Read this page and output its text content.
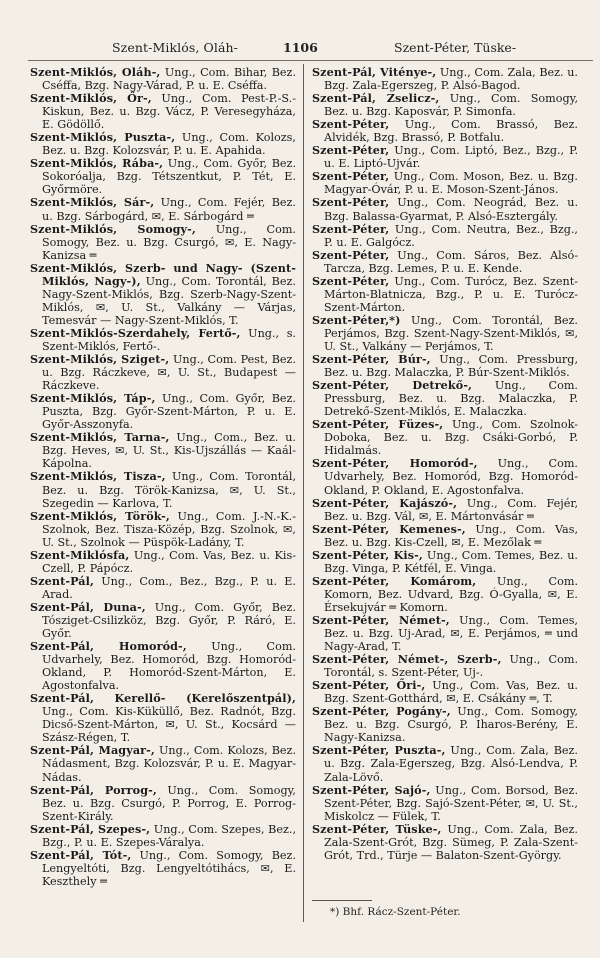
Szent-Miklós, Oláh-	1106	Szent-Péter, Tüske-

Szent-Miklós, Oláh-, Ung., Com. Bihar, Bez. Cséffa, Bzg. Nagy-Várad, P. u. E. Cséffa.

Szent-Miklós, Őr-, Ung., Com. Pest-P.-S.-Kiskun, Bez. u. Bzg. Vácz, P. Veresegyháza, E. Gödöllő.

Szent-Miklós, Puszta-, Ung., Com. Kolozs, Bez. u. Bzg. Kolozsvár, P. u. E. Apahida.

Szent-Miklós, Rába-, Ung., Com. Győr, Bez. Sokoróalja, Bzg. Tétszentkut, P. Tét, E. Győrmöre.

Szent-Miklós, Sár-, Ung., Com. Fejér, Bez. u. Bzg. Sárbogárd, ✉, E. Sárbogárd ═

Szent-Miklós, Somogy-, Ung., Com. Somogy, Bez. u. Bzg. Csurgó, ✉, E. Nagy-Kanizsa ═

Szent-Miklós, Szerb- und Nagy- (Szent-Miklós, Nagy-), Ung., Com. Torontál, Bez. Nagy-Szent-Miklós, Bzg. Szerb-Nagy-Szent-Miklós, ✉, U. St., Valkány — Várjas, Temesvár — Nagy-Szent-Miklós, T.

Szent-Miklós-Szerdahely, Fertő-, Ung., s. Szent-Miklós, Fertő-.

Szent-Miklós, Sziget-, Ung., Com. Pest, Bez. u. Bzg. Ráczkeve, ✉, U. St., Budapest — Ráczkeve.

Szent-Miklós, Táp-, Ung., Com. Győr, Bez. Puszta, Bzg. Győr-Szent-Márton, P. u. E. Győr-Asszonyfa.

Szent-Miklós, Tarna-, Ung., Com., Bez. u. Bzg. Heves, ✉, U. St., Kis-Ujszállás — Kaál-Kápolna.

Szent-Miklós, Tisza-, Ung., Com. Torontál, Bez. u. Bzg. Török-Kanizsa, ✉, U. St., Szegedin — Karlova, T.

Szent-Miklós, Török-, Ung., Com. J.-N.-K.-Szolnok, Bez. Tisza-Közép, Bzg. Szolnok, ✉, U. St., Szolnok — Püspök-Ladány, T.

Szent-Miklósfa, Ung., Com. Vas, Bez. u. Kis-Czell, P. Pápócz.

Szent-Pál, Ung., Com., Bez., Bzg., P. u. E. Arad.

Szent-Pál, Duna-, Ung., Com. Győr, Bez. Tósziget-Csilizköz, Bzg. Győr, P. Ráró, E. Győr.

Szent-Pál, Homoród-, Ung., Com. Udvarhely, Bez. Homoród, Bzg. Homoród-Okland, P. Homoród-Szent-Márton, E. Agostonfalva.

Szent-Pál, Kerellő- (Kerelőszentpál), Ung., Com. Kis-Küküllő, Bez. Radnót, Bzg. Dicső-Szent-Márton, ✉, U. St., Kocsárd — Szász-Régen, T.

Szent-Pál, Magyar-, Ung., Com. Kolozs, Bez. Nádasment, Bzg. Kolozsvár, P. u. E. Magyar-Nádas.

Szent-Pál, Porrog-, Ung., Com. Somogy, Bez. u. Bzg. Csurgó, P. Porrog, E. Porrog-Szent-Király.

Szent-Pál, Szepes-, Ung., Com. Szepes, Bez., Bzg., P. u. E. Szepes-Váralya.

Szent-Pál, Tót-, Ung., Com. Somogy, Bez. Lengyeltóti, Bzg. Lengyeltótihács, ✉, E. Keszthely ═

Szent-Pál, Viténye-, Ung., Com. Zala, Bez. u. Bzg. Zala-Egerszeg, P. Alsó-Bagod.

Szent-Pál, Zselicz-, Ung., Com. Somogy, Bez. u. Bzg. Kaposvár, P. Simonfa.

Szent-Péter, Ung., Com. Brassó, Bez. Alvidék, Bzg. Brassó, P. Botfalu.

Szent-Péter, Ung., Com. Liptó, Bez., Bzg., P. u. E. Liptó-Ujvár.

Szent-Péter, Ung., Com. Moson, Bez. u. Bzg. Magyar-Óvár, P. u. E. Moson-Szent-János.

Szent-Péter, Ung., Com. Neográd, Bez. u. Bzg. Balassa-Gyarmat, P. Alsó-Esztergály.

Szent-Péter, Ung., Com. Neutra, Bez., Bzg., P. u. E. Galgócz.

Szent-Péter, Ung., Com. Sáros, Bez. Alsó-Tarcza, Bzg. Lemes, P. u. E. Kende.

Szent-Péter, Ung., Com. Turócz, Bez. Szent-Márton-Blatnicza, Bzg., P. u. E. Turócz-Szent-Márton.

Szent-Péter,*) Ung., Com. Torontál, Bez. Perjámos, Bzg. Szent-Nagy-Szent-Miklós, ✉, U. St., Valkány — Perjámos, T.

Szent-Péter, Búr-, Ung., Com. Pressburg, Bez. u. Bzg. Malaczka, P. Búr-Szent-Miklós.

Szent-Péter, Detrekő-, Ung., Com. Pressburg, Bez. u. Bzg. Malaczka, P. Detrekő-Szent-Miklós, E. Malaczka.

Szent-Péter, Füzes-, Ung., Com. Szolnok-Doboka, Bez. u. Bzg. Csáki-Gorbó, P. Hidalmás.

Szent-Péter, Homoród-, Ung., Com. Udvarhely, Bez. Homoród, Bzg. Homoród-Okland, P. Okland, E. Agostonfalva.

Szent-Péter, Kajászó-, Ung., Com. Fejér, Bez. u. Bzg. Vál, ✉, E. Mártonvásár ═

Szent-Péter, Kemenes-, Ung., Com. Vas, Bez. u. Bzg. Kis-Czell, ✉, E. Mezőlak ═

Szent-Péter, Kis-, Ung., Com. Temes, Bez. u. Bzg. Vinga, P. Kétfél, E. Vinga.

Szent-Péter, Komárom, Ung., Com. Komorn, Bez. Udvard, Bzg. Ó-Gyalla, ✉, E. Érsekujvár ═ Komorn.

Szent-Péter, Német-, Ung., Com. Temes, Bez. u. Bzg. Uj-Arad, ✉, E. Perjámos, ═ und Nagy-Arad, T.

Szent-Péter, Német-, Szerb-, Ung., Com. Torontál, s. Szent-Péter, Uj-.

Szent-Péter, Őri-, Ung., Com. Vas, Bez. u. Bzg. Szent-Gotthárd, ✉, E. Csákány ═, T.

Szent-Péter, Pogány-, Ung., Com. Somogy, Bez. u. Bzg. Csurgó, P. Iharos-Berény, E. Nagy-Kanizsa.

Szent-Péter, Puszta-, Ung., Com. Zala, Bez. u. Bzg. Zala-Egerszeg, Bzg. Alsó-Lendva, P. Zala-Lövő.

Szent-Péter, Sajó-, Ung., Com. Borsod, Bez. Szent-Péter, Bzg. Sajó-Szent-Péter, ✉, U. St., Miskolcz — Fülek, T.

Szent-Péter, Tüske-, Ung., Com. Zala, Bez. Zala-Szent-Grót, Bzg. Sümeg, P. Zala-Szent-Grót, Trd., Türje — Balaton-Szent-György.

*) Bhf. Rácz-Szent-Péter.
